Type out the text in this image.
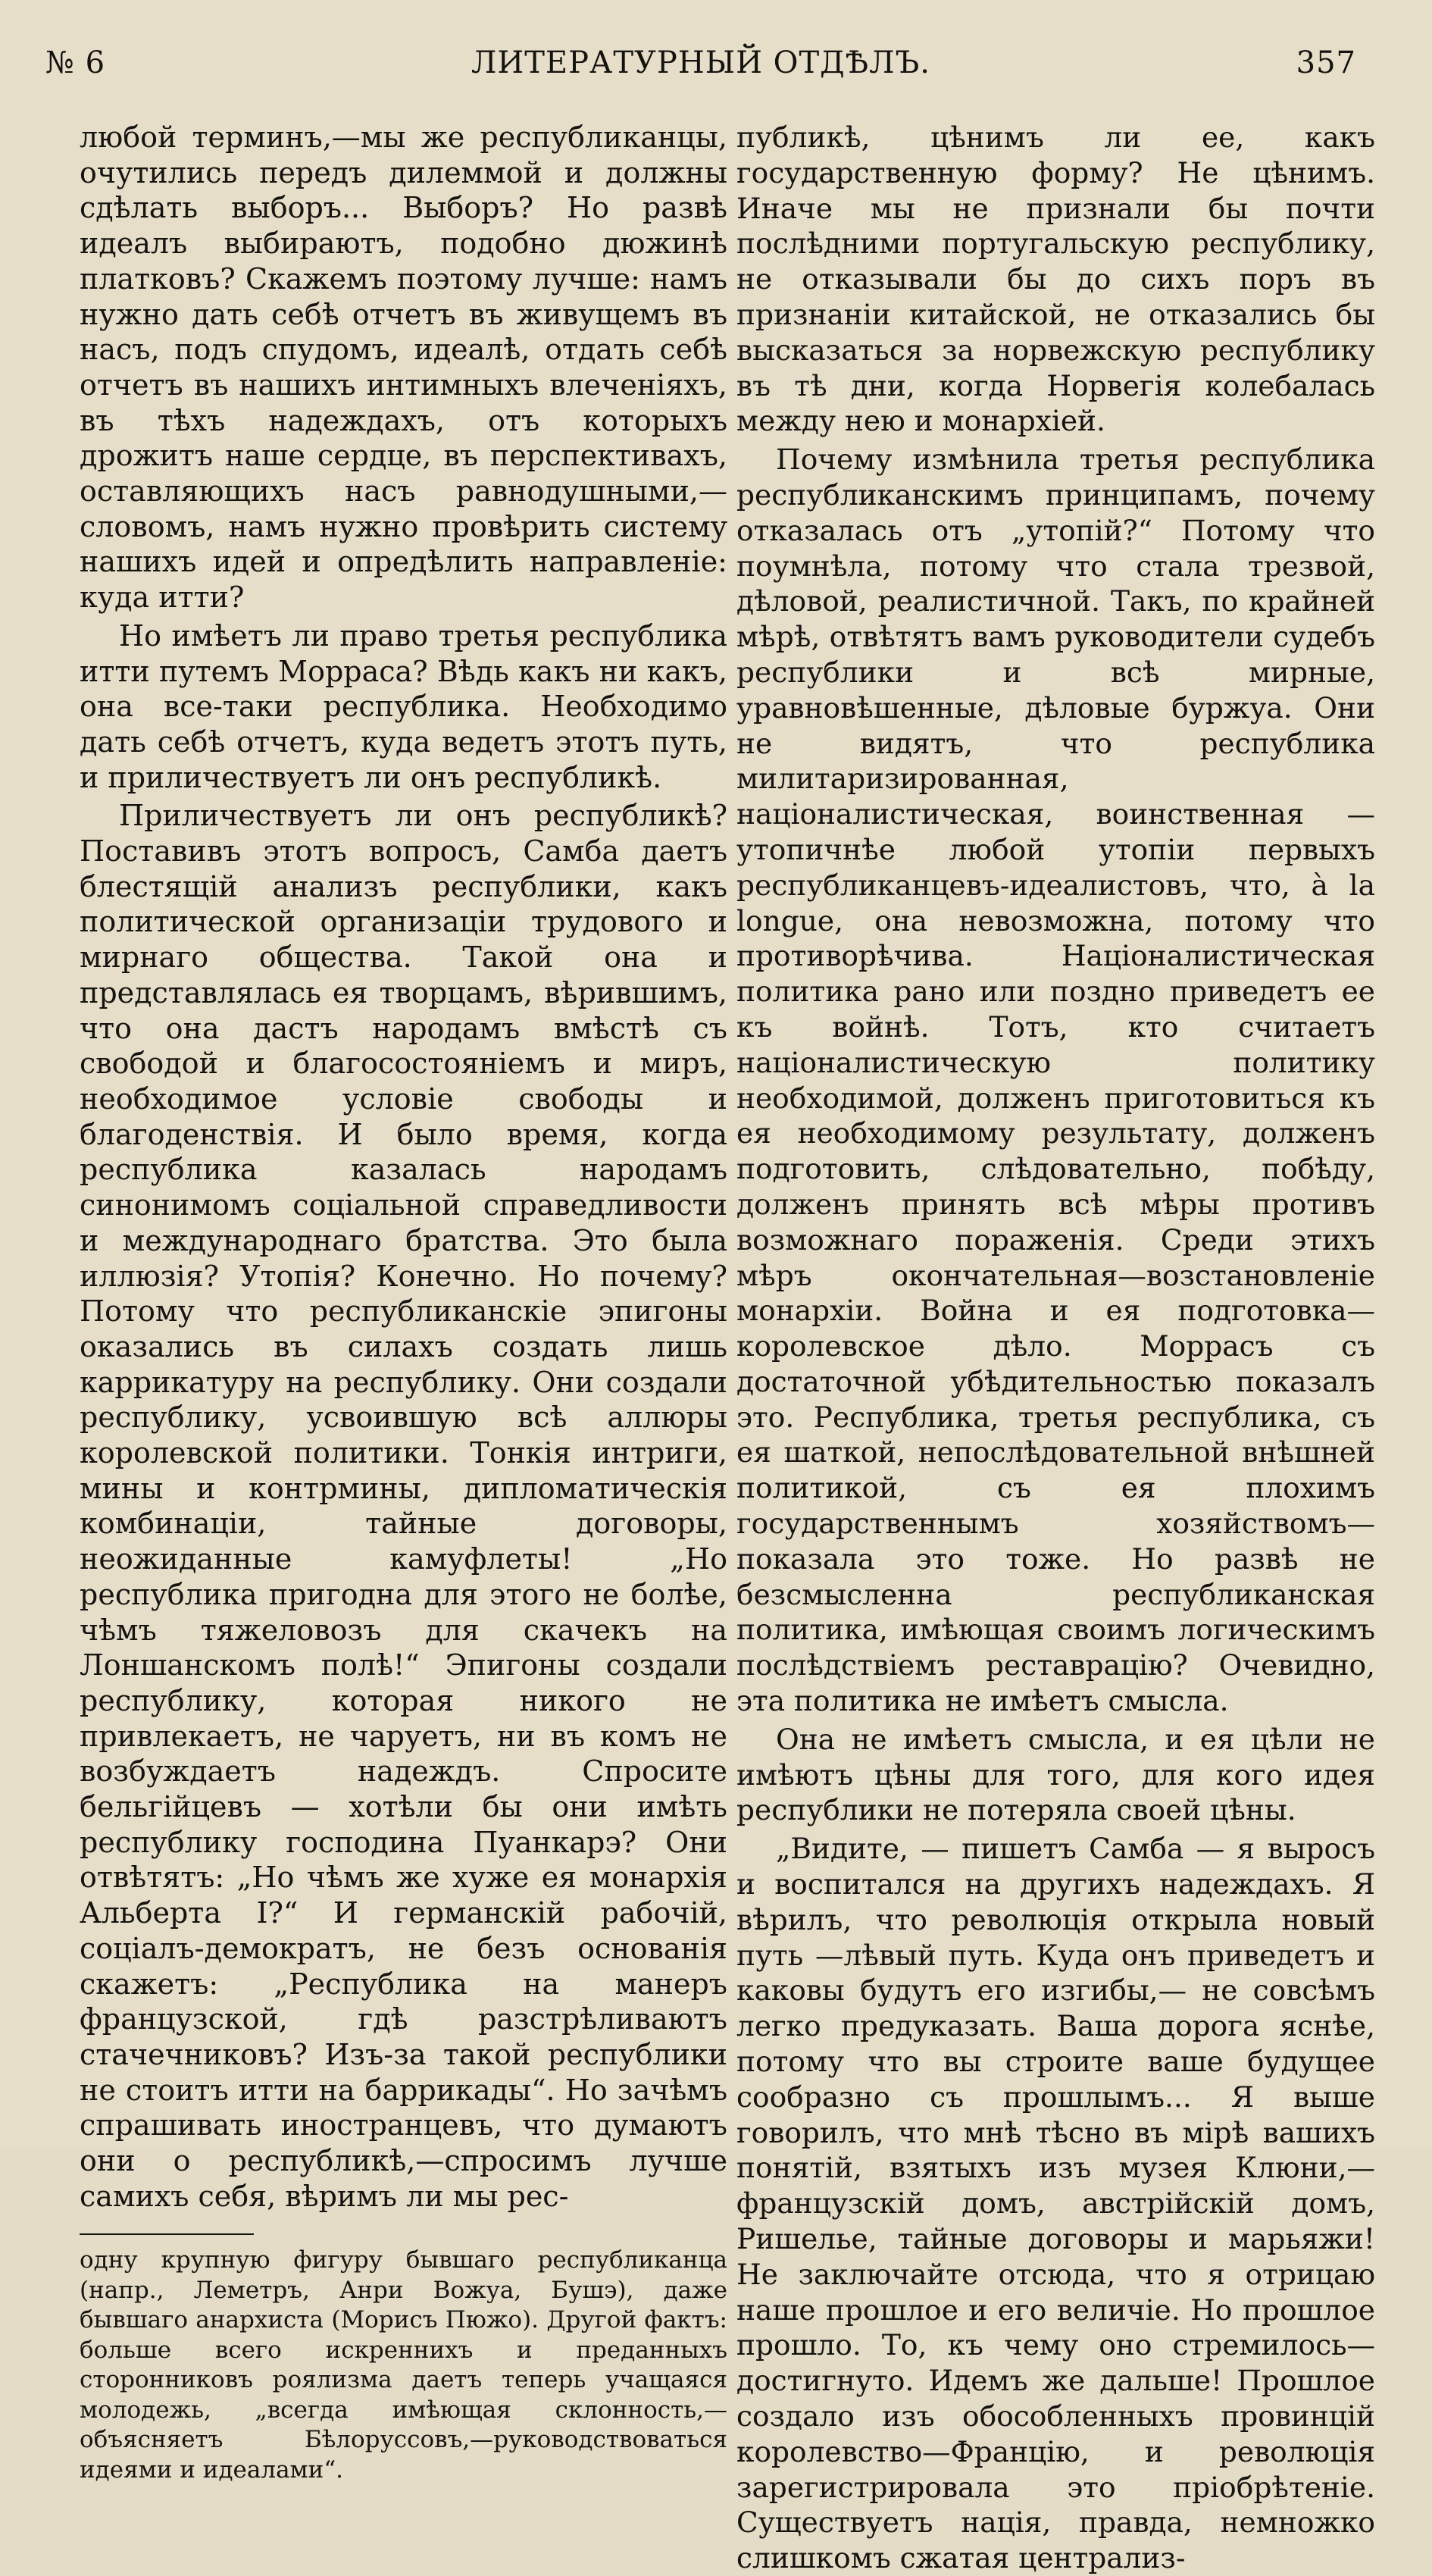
ЛИТЕРАТУРНЫЙ ОТДѢЛЪ.
№ 6	357

любой терминъ,—мы же республиканцы, очутились передъ дилеммой и должны сдѣлать выборъ... Выборъ? Но развѣ идеалъ выбираютъ, подобно дюжинѣ платковъ? Скажемъ поэтому лучше: намъ нужно дать себѣ отчетъ въ живущемъ въ насъ, подъ спудомъ, идеалѣ, отдать себѣ отчетъ въ нашихъ интимныхъ влеченіяхъ, въ тѣхъ надеждахъ, отъ которыхъ дрожитъ наше сердце, въ перспективахъ, оставляющихъ насъ равнодушными,—словомъ, намъ нужно провѣрить систему нашихъ идей и опредѣлить направленіе: куда итти?

Но имѣетъ ли право третья республика итти путемъ Морраса? Вѣдь какъ ни какъ, она все-таки республика. Необходимо дать себѣ отчетъ, куда ведетъ этотъ путь, и приличествуетъ ли онъ республикѣ.

Приличествуетъ ли онъ республикѣ? Поставивъ этотъ вопросъ, Самба даетъ блестящій анализъ республики, какъ политической организаціи трудового и мирнаго общества. Такой она и представлялась ея творцамъ, вѣрившимъ, что она дастъ народамъ вмѣстѣ съ свободой и благосостояніемъ и миръ, необходимое условіе свободы и благоденствія. И было время, когда республика казалась народамъ синонимомъ соціальной справедливости и международнаго братства. Это была иллюзія? Утопія? Конечно. Но почему? Потому что республиканскіе эпигоны оказались въ силахъ создать лишь каррикатуру на республику. Они создали республику, усвоившую всѣ аллюры королевской политики. Тонкія интриги, мины и контрмины, дипломатическія комбинаціи, тайные договоры, неожиданные камуфлеты! „Но республика пригодна для этого не болѣе, чѣмъ тяжеловозъ для скачекъ на Лоншанскомъ полѣ!“ Эпигоны создали республику, которая никого не привлекаетъ, не чаруетъ, ни въ комъ не возбуждаетъ надеждъ. Спросите бельгійцевъ — хотѣли бы они имѣть республику господина Пуанкарэ? Они отвѣтятъ: „Но чѣмъ же хуже ея монархія Альберта I?“ И германскій рабочій, соціалъ-демократъ, не безъ основанія скажетъ: „Республика на манеръ французской, гдѣ разстрѣливаютъ стачечниковъ? Изъ-за такой республики не стоитъ итти на баррикады“. Но зачѣмъ спрашивать иностранцевъ, что думаютъ они о республикѣ,—спросимъ лучше самихъ себя, вѣримъ ли мы рес-

одну крупную фигуру бывшаго республиканца (напр., Леметръ, Анри Вожуа, Бушэ), даже бывшаго анархиста (Морисъ Пюжо). Другой фактъ: больше всего искреннихъ и преданныхъ сторонниковъ роялизма даетъ теперь учащаяся молодежь, „всегда имѣющая склонность,—объясняетъ Бѣлоруссовъ,—руководствоваться идеями и идеалами“.

публикѣ, цѣнимъ ли ее, какъ государственную форму? Не цѣнимъ. Иначе мы не признали бы почти послѣдними португальскую республику, не отказывали бы до сихъ поръ въ признаніи китайской, не отказались бы высказаться за норвежскую республику въ тѣ дни, когда Норвегія колебалась между нею и монархіей.

Почему измѣнила третья республика республиканскимъ принципамъ, почему отказалась отъ „утопій?“ Потому что поумнѣла, потому что стала трезвой, дѣловой, реалистичной. Такъ, по крайней мѣрѣ, отвѣтятъ вамъ руководители судебъ республики и всѣ мирные, уравновѣшенные, дѣловые буржуа. Они не видятъ, что республика милитаризированная, націоналистическая, воинственная — утопичнѣе любой утопіи первыхъ республиканцевъ-идеалистовъ, что, à la longue, она невозможна, потому что противорѣчива. Націоналистическая политика рано или поздно приведетъ ее къ войнѣ. Тотъ, кто считаетъ націоналистическую политику необходимой, долженъ приготовиться къ ея необходимому результату, долженъ подготовить, слѣдовательно, побѣду, долженъ принять всѣ мѣры противъ возможнаго пораженія. Среди этихъ мѣръ окончательная—возстановленіе монархіи. Война и ея подготовка—королевское дѣло. Моррасъ съ достаточной убѣдительностью показалъ это. Республика, третья республика, съ ея шаткой, непослѣдовательной внѣшней политикой, съ ея плохимъ государственнымъ хозяйствомъ—показала это тоже. Но развѣ не безсмысленна республиканская политика, имѣющая своимъ логическимъ послѣдствіемъ реставрацію? Очевидно, эта политика не имѣетъ смысла.

Она не имѣетъ смысла, и ея цѣли не имѣютъ цѣны для того, для кого идея республики не потеряла своей цѣны.

„Видите, — пишетъ Самба — я выросъ и воспитался на другихъ надеждахъ. Я вѣрилъ, что революція открыла новый путь —лѣвый путь. Куда онъ приведетъ и каковы будутъ его изгибы,— не совсѣмъ легко предуказать. Ваша дорога яснѣе, потому что вы строите ваше будущее сообразно съ прошлымъ... Я выше говорилъ, что мнѣ тѣсно въ мірѣ вашихъ понятій, взятыхъ изъ музея Клюни,—французскій домъ, австрійскій домъ, Ришелье, тайные договоры и марьяжи! Не заключайте отсюда, что я отрицаю наше прошлое и его величіе. Но прошлое прошло. То, къ чему оно стремилось—достигнуто. Идемъ же дальше! Прошлое создало изъ обособленныхъ провинцій королевство—Францію, и революція зарегистрировала это пріобрѣтеніе. Существуетъ нація, правда, немножко слишкомъ сжатая централиз-
